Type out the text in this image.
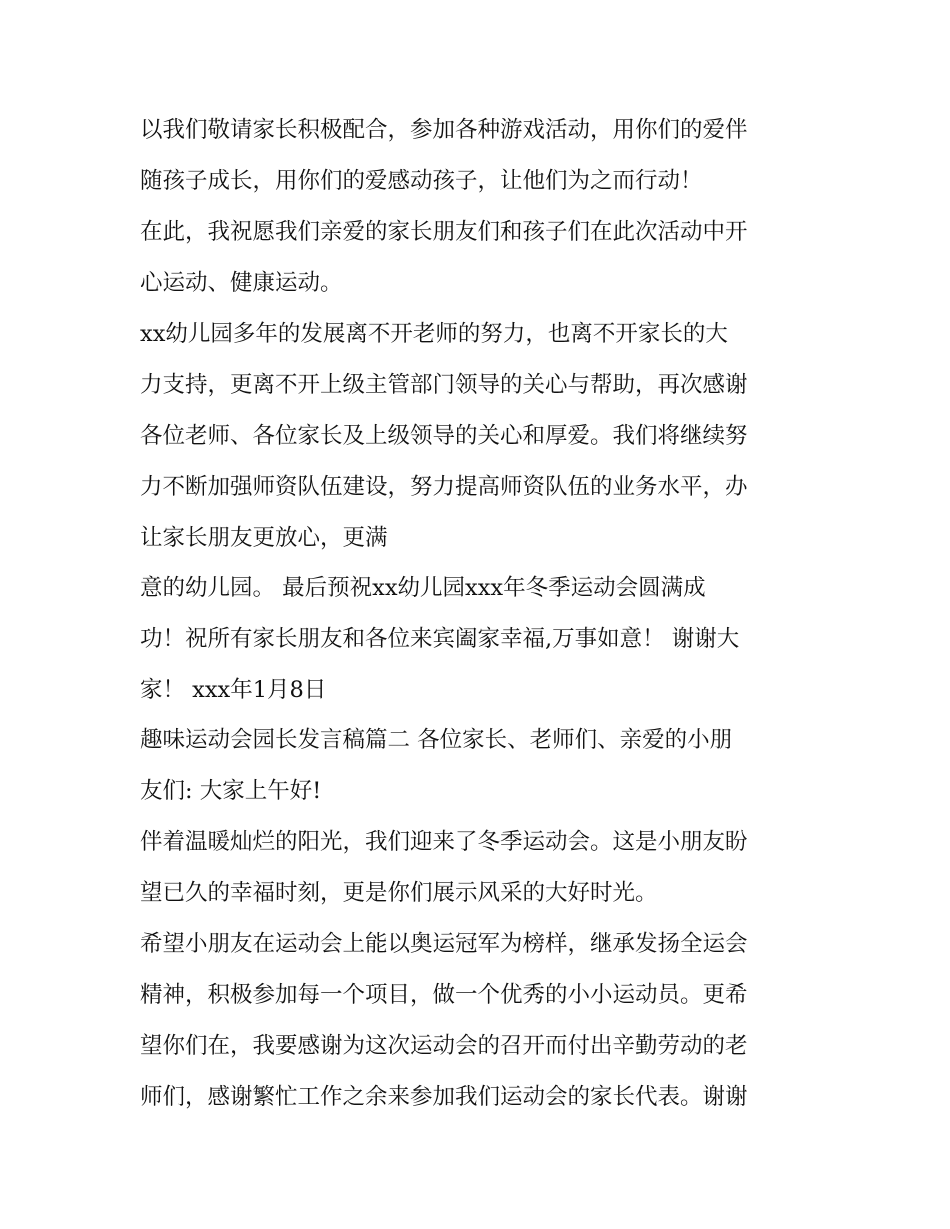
以我们敬请家长积极配合，参加各种游戏活动，用你们的爱伴

随孩子成长，用你们的爱感动孩子，让他们为之而行动！

在此，我祝愿我们亲爱的家长朋友们和孩子们在此次活动中开

心运动、健康运动。

xx幼儿园多年的发展离不开老师的努力，也离不开家长的大

力支持，更离不开上级主管部门领导的关心与帮助，再次感谢

各位老师、各位家长及上级领导的关心和厚爱。我们将继续努

力不断加强师资队伍建设，努力提高师资队伍的业务水平，办

让家长朋友更放心，更满

意的幼儿园。 最后预祝xx幼儿园xxx年冬季运动会圆满成

功！祝所有家长朋友和各位来宾阖家幸福,万事如意！ 谢谢大

家！ xxx年1月8日

趣味运动会园长发言稿篇二 各位家长、老师们、亲爱的小朋

友们: 大家上午好!

伴着温暖灿烂的阳光，我们迎来了冬季运动会。这是小朋友盼

望已久的幸福时刻，更是你们展示风采的大好时光。

希望小朋友在运动会上能以奥运冠军为榜样，继承发扬全运会

精神，积极参加每一个项目，做一个优秀的小小运动员。更希

望你们在，我要感谢为这次运动会的召开而付出辛勤劳动的老

师们，感谢繁忙工作之余来参加我们运动会的家长代表。谢谢
